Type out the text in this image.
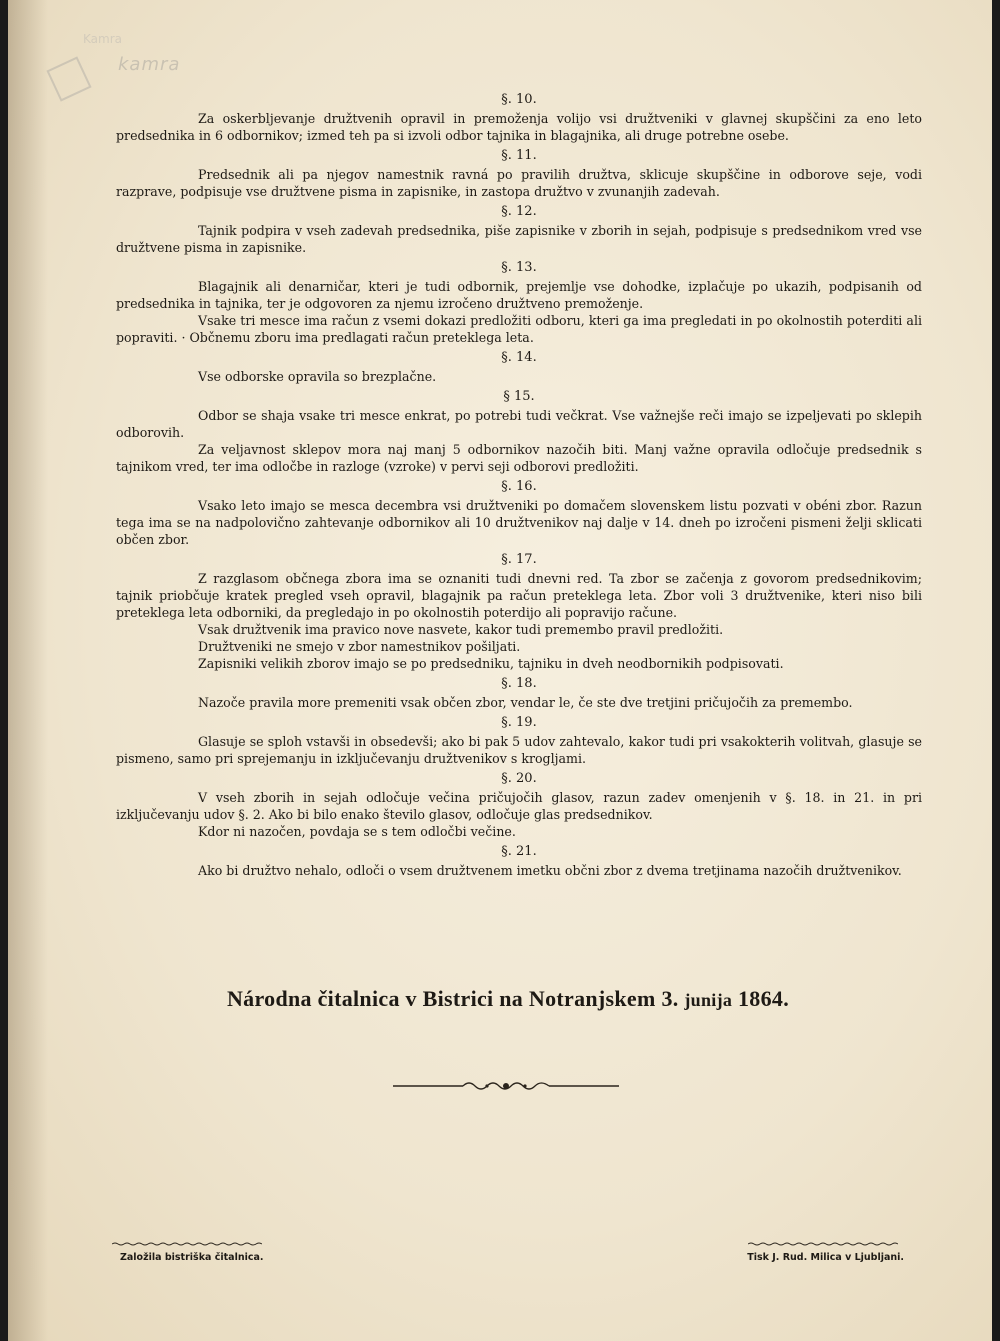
Kamra
kamra
§. 10.
Za oskerbljevanje družtvenih opravil in premoženja volijo vsi družtveniki v glavnej skupščini za eno leto predsednika in 6 odbornikov; izmed teh pa si izvoli odbor tajnika in blagajnika, ali druge potrebne osebe.
§. 11.
Predsednik ali pa njegov namestnik ravná po pravilih družtva, sklicuje skupščine in odborove seje, vodi razprave, podpisuje vse družtvene pisma in zapisnike, in zastopa družtvo v zvunanjih zadevah.
§. 12.
Tajnik podpira v vseh zadevah predsednika, piše zapisnike v zborih in sejah, podpisuje s predsednikom vred vse družtvene pisma in zapisnike.
§. 13.
Blagajnik ali denarničar, kteri je tudi odbornik, prejemlje vse dohodke, izplačuje po ukazih, podpisanih od predsednika in tajnika, ter je odgovoren za njemu izročeno družtveno premoženje.
Vsake tri mesce ima račun z vsemi dokazi predložiti odboru, kteri ga ima pregledati in po okolnostih poterditi ali popraviti. · Občnemu zboru ima predlagati račun preteklega leta.
§. 14.
Vse odborske opravila so brezplačne.
§ 15.
Odbor se shaja vsake tri mesce enkrat, po potrebi tudi večkrat. Vse važnejše reči imajo se izpeljevati po sklepih odborovih.
Za veljavnost sklepov mora naj manj 5 odbornikov nazočih biti. Manj važne opravila odločuje predsednik s tajnikom vred, ter ima odločbe in razloge (vzroke) v pervi seji odborovi predložiti.
§. 16.
Vsako leto imajo se mesca decembra vsi družtveniki po domačem slovenskem listu pozvati v obéni zbor. Razun tega ima se na nadpolovično zahtevanje odbornikov ali 10 družtvenikov naj dalje v 14. dneh po izročeni pismeni želji sklicati občen zbor.
§. 17.
Z razglasom občnega zbora ima se oznaniti tudi dnevni red. Ta zbor se začenja z govorom predsednikovim; tajnik priobčuje kratek pregled vseh opravil, blagajnik pa račun preteklega leta. Zbor voli 3 družtvenike, kteri niso bili preteklega leta odborniki, da pregledajo in po okolnostih poterdijo ali popravijo račune.
Vsak družtvenik ima pravico nove nasvete, kakor tudi premembo pravil predložiti.
Družtveniki ne smejo v zbor namestnikov pošiljati.
Zapisniki velikih zborov imajo se po predsedniku, tajniku in dveh neodbornikih podpisovati.
§. 18.
Nazoče pravila more premeniti vsak občen zbor, vendar le, če ste dve tretjini pričujočih za premembo.
§. 19.
Glasuje se sploh vstavši in obsedevši; ako bi pak 5 udov zahtevalo, kakor tudi pri vsakokterih volitvah, glasuje se pismeno, samo pri sprejemanju in izključevanju družtvenikov s krogljami.
§. 20.
V vseh zborih in sejah odločuje večina pričujočih glasov, razun zadev omenjenih v §. 18. in 21. in pri izključevanju udov §. 2. Ako bi bilo enako število glasov, odločuje glas predsednikov.
Kdor ni nazočen, povdaja se s tem odločbi večine.
§. 21.
Ako bi družtvo nehalo, odloči o vsem družtvenem imetku občni zbor z dvema tretjinama nazočih družtvenikov.
Národna čitalnica v Bistrici na Notranjskem 3. junija 1864.
Založila bistriška čitalnica.	Tisk J. Rud. Milica v Ljubljani.
